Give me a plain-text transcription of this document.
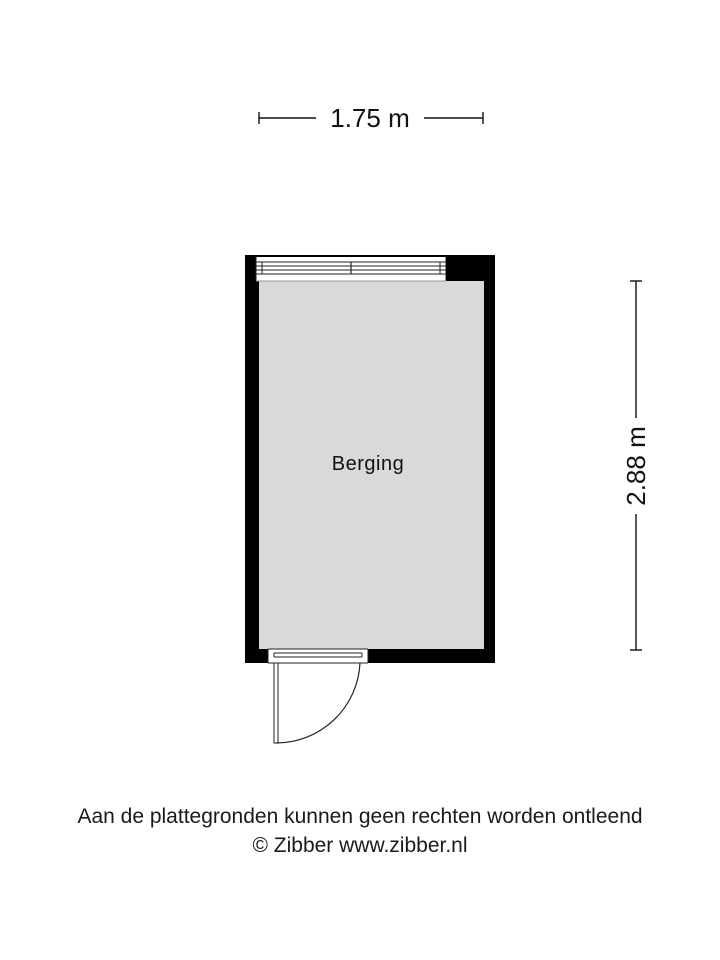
1.75 m
2.88 m
Berging
Aan de plattegronden kunnen geen rechten worden ontleend
© Zibber www.zibber.nl
